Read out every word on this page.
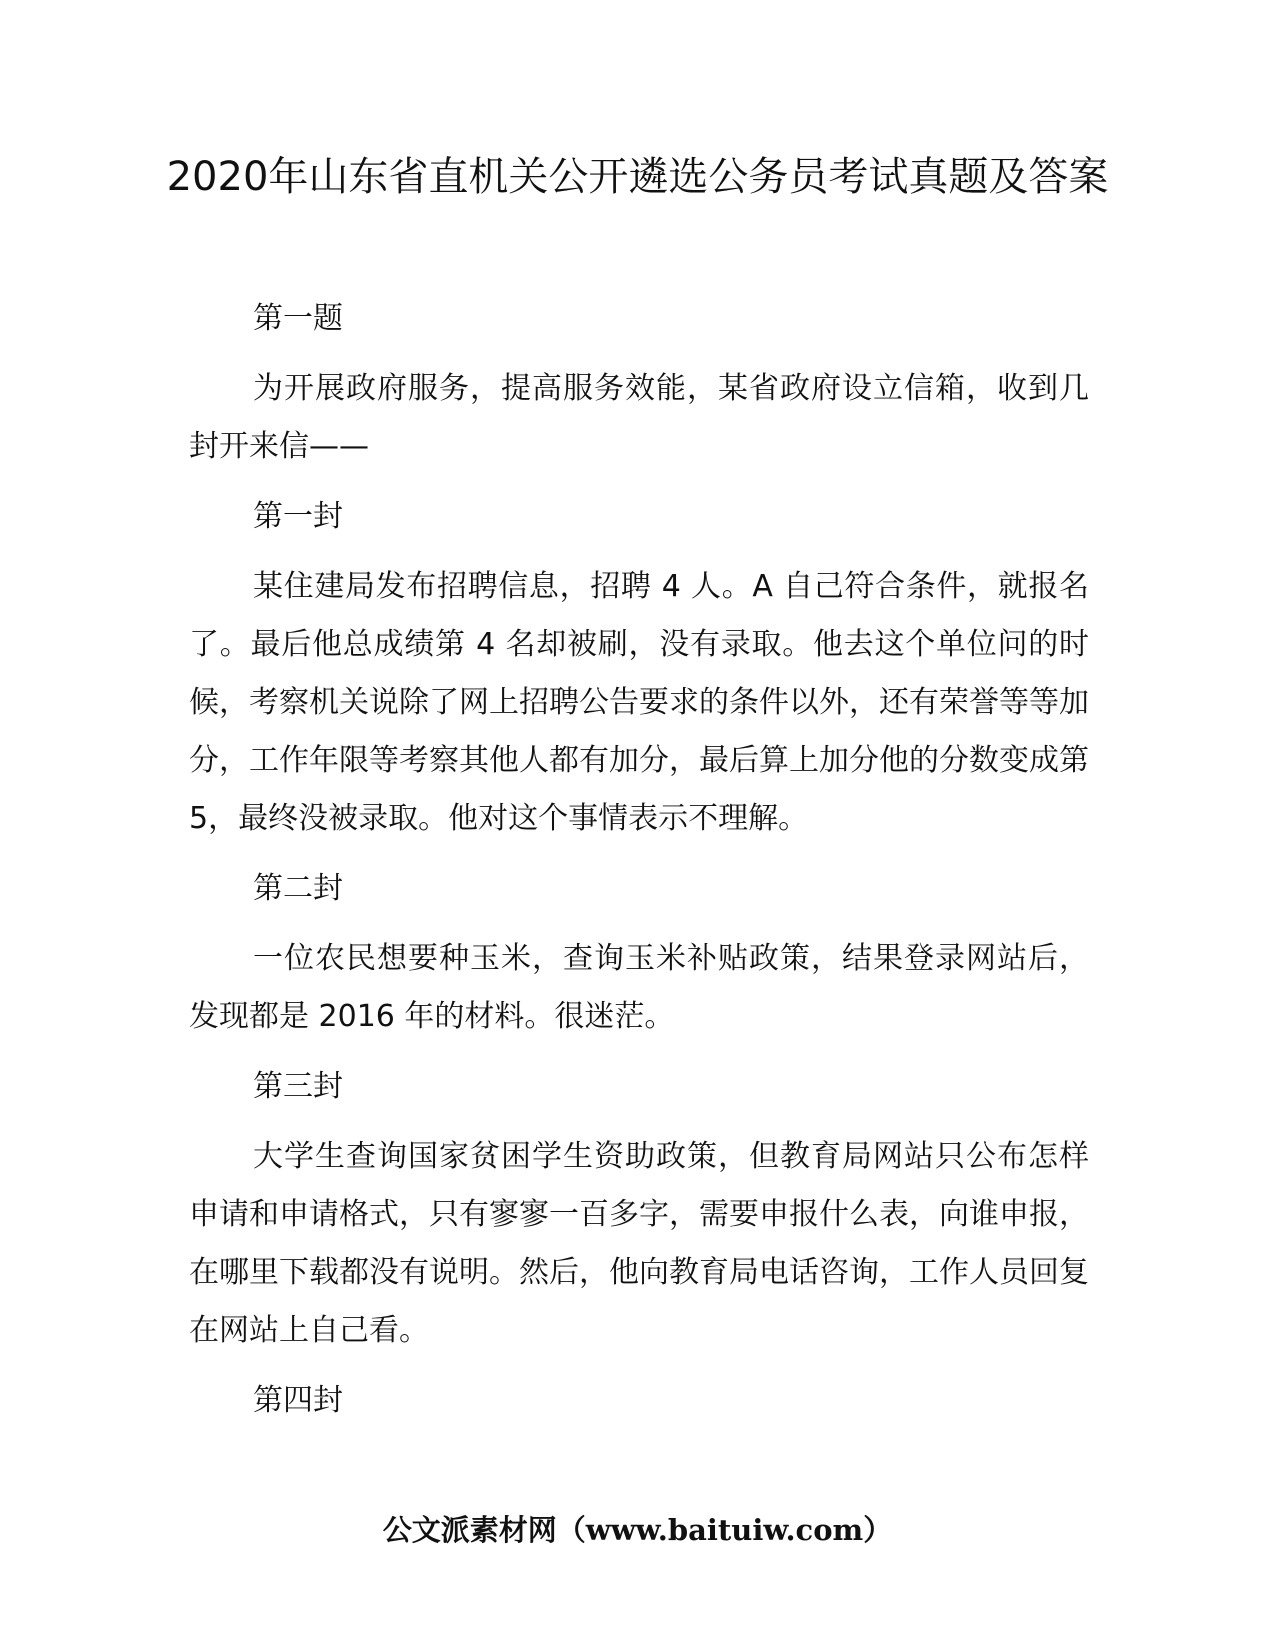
2020年山东省直机关公开遴选公务员考试真题及答案

第一题

为开展政府服务，提高服务效能，某省政府设立信箱，收到几封开来信——

第一封

某住建局发布招聘信息，招聘 4 人。A 自己符合条件，就报名了。最后他总成绩第 4 名却被刷，没有录取。他去这个单位问的时候，考察机关说除了网上招聘公告要求的条件以外，还有荣誉等等加分，工作年限等考察其他人都有加分，最后算上加分他的分数变成第 5，最终没被录取。他对这个事情表示不理解。

第二封

一位农民想要种玉米，查询玉米补贴政策，结果登录网站后，发现都是 2016 年的材料。很迷茫。

第三封

大学生查询国家贫困学生资助政策，但教育局网站只公布怎样申请和申请格式，只有寥寥一百多字，需要申报什么表，向谁申报，在哪里下载都没有说明。然后，他向教育局电话咨询，工作人员回复在网站上自己看。

第四封

公文派素材网（www.baituiw.com）
